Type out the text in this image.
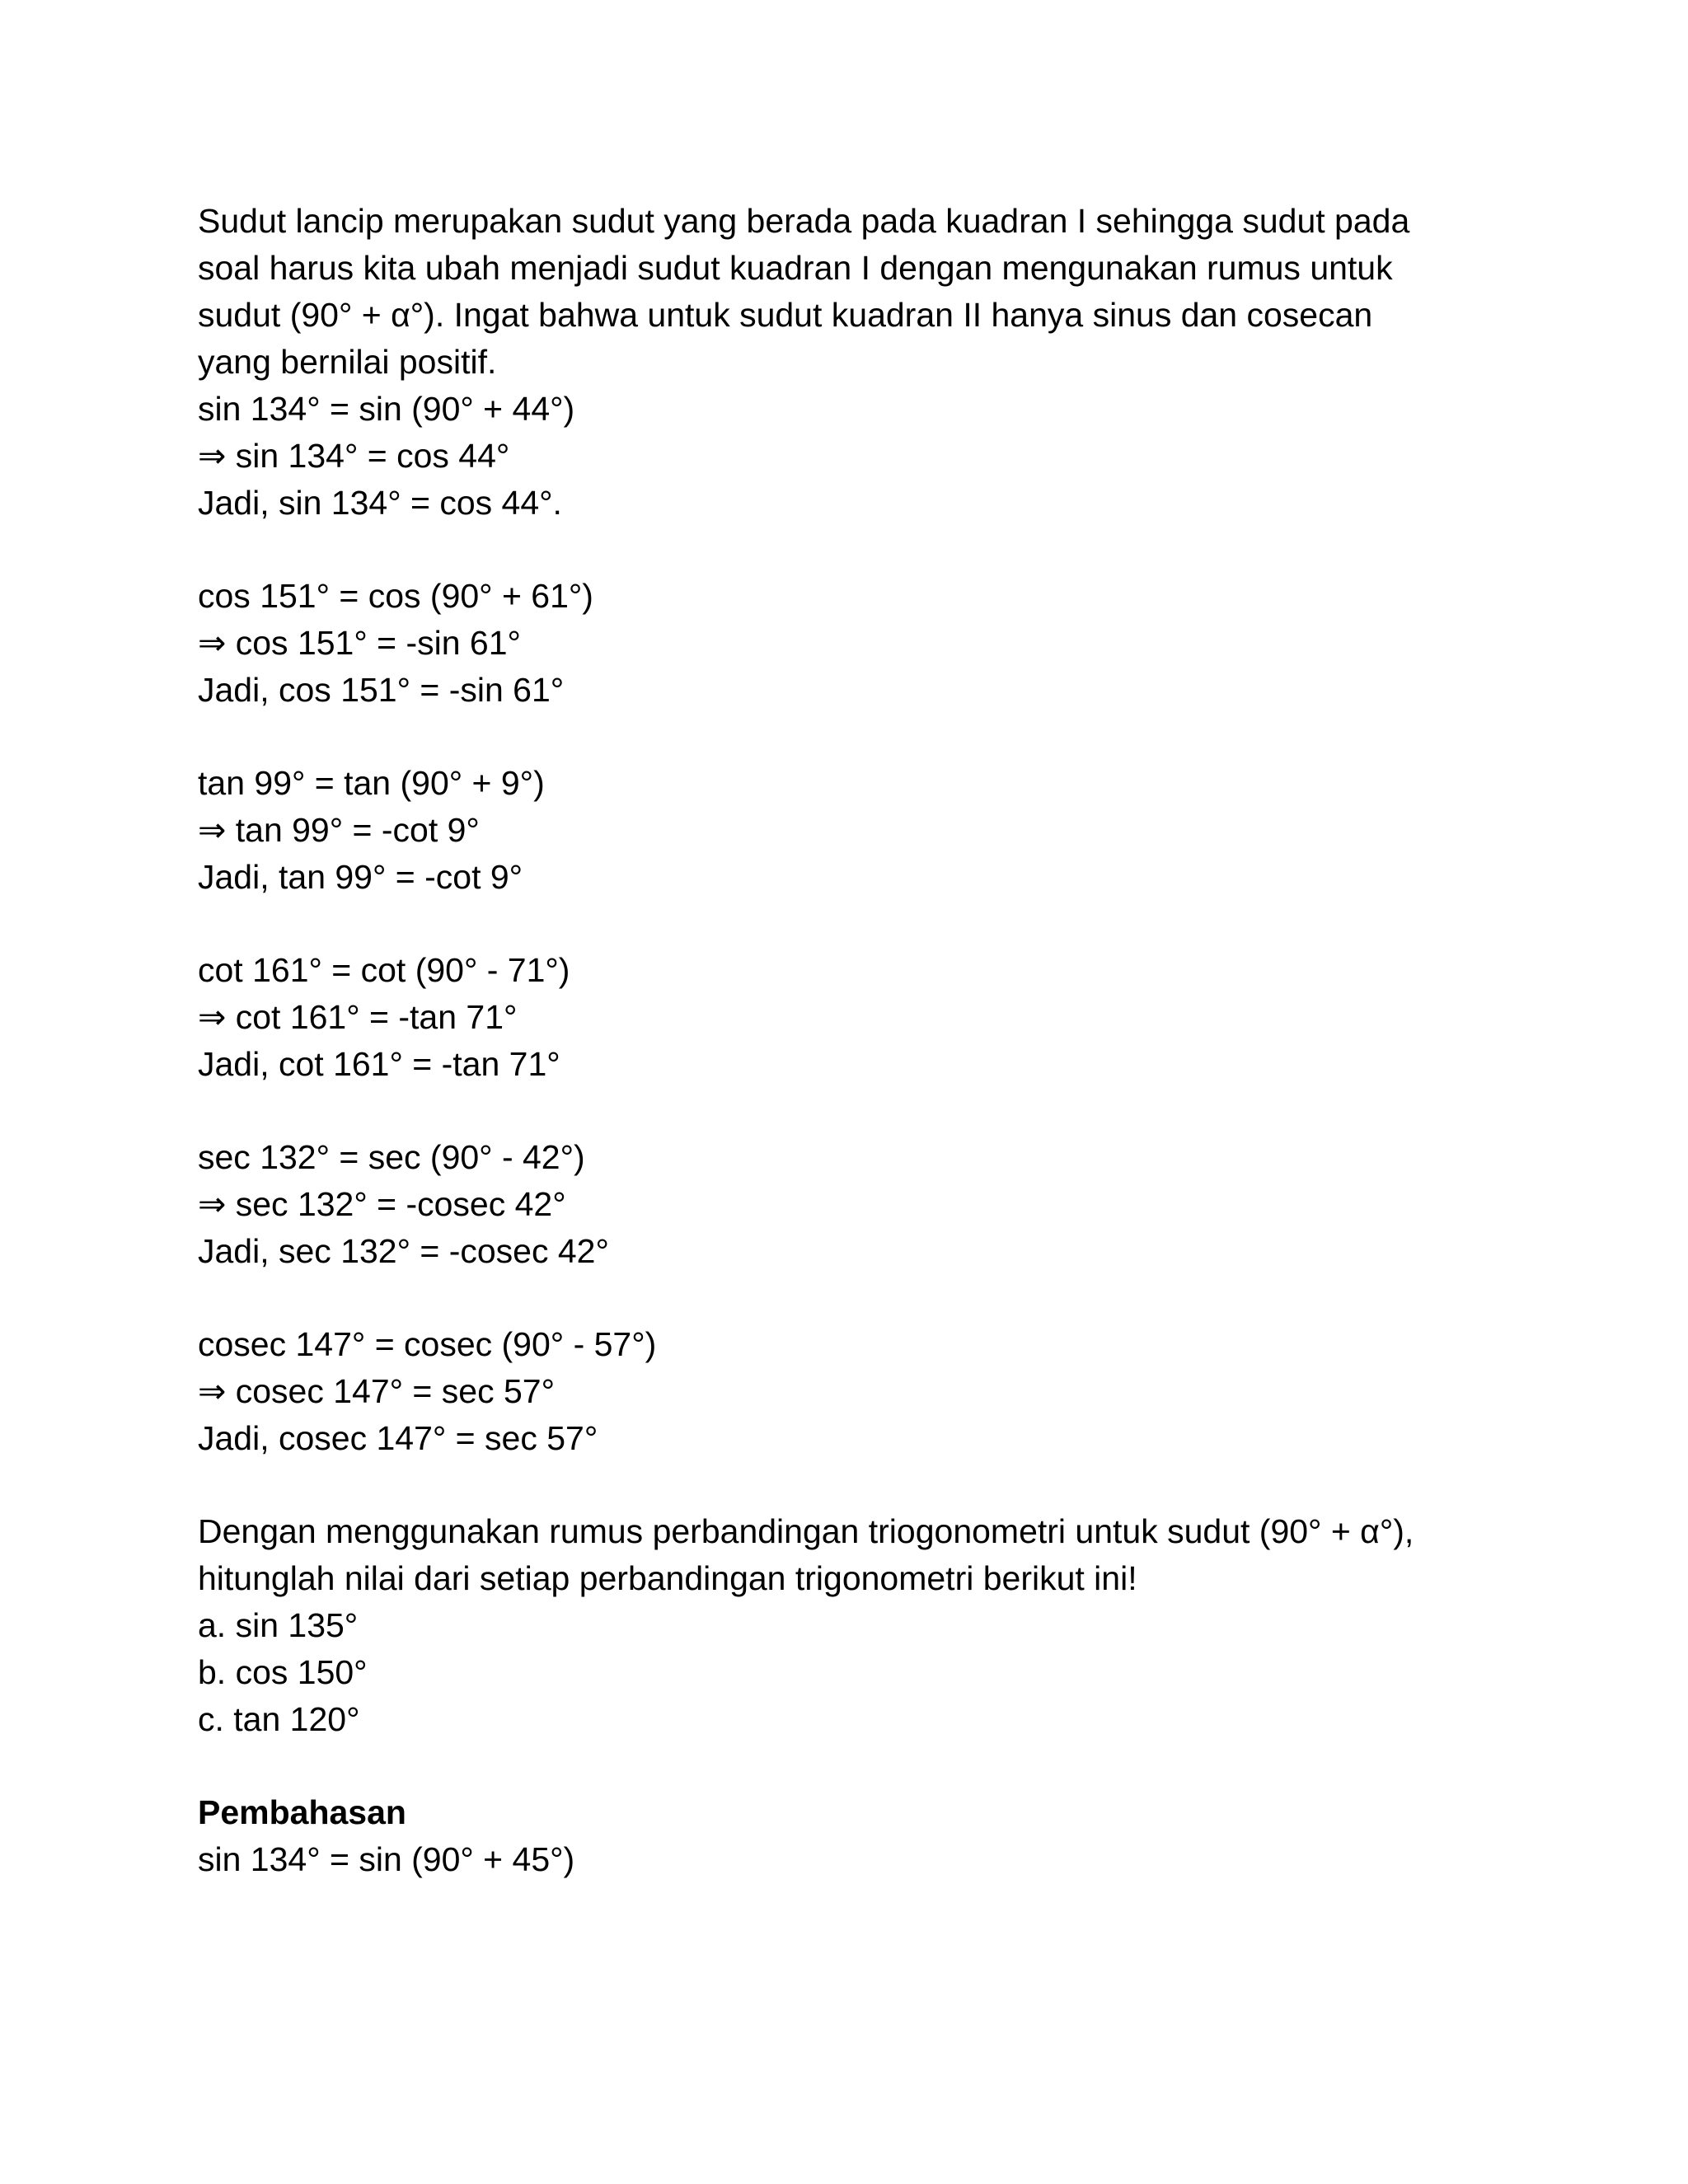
Sudut lancip merupakan sudut yang berada pada kuadran I sehingga sudut pada
soal harus kita ubah menjadi sudut kuadran I dengan mengunakan rumus untuk
sudut (90° + α°). Ingat bahwa untuk sudut kuadran II hanya sinus dan cosecan
yang bernilai positif.
sin 134° = sin (90° + 44°)
⇒ sin 134° = cos 44°
Jadi, sin 134° = cos 44°.
cos 151° = cos (90° + 61°)
⇒ cos 151° = -sin 61°
Jadi, cos 151° = -sin 61°
tan 99° = tan (90° + 9°)
⇒ tan 99° = -cot 9°
Jadi, tan 99° = -cot 9°
cot 161° = cot (90° - 71°)
⇒ cot 161° = -tan 71°
Jadi, cot 161° = -tan 71°
sec 132° = sec (90° - 42°)
⇒ sec 132° = -cosec 42°
Jadi, sec 132° = -cosec 42°
cosec 147° = cosec (90° - 57°)
⇒ cosec 147° = sec 57°
Jadi, cosec 147° = sec 57°
Dengan menggunakan rumus perbandingan triogonometri untuk sudut (90° + α°),
hitunglah nilai dari setiap perbandingan trigonometri berikut ini!
a. sin 135°
b. cos 150°
c. tan 120°
Pembahasan
sin 134° = sin (90° + 45°)
